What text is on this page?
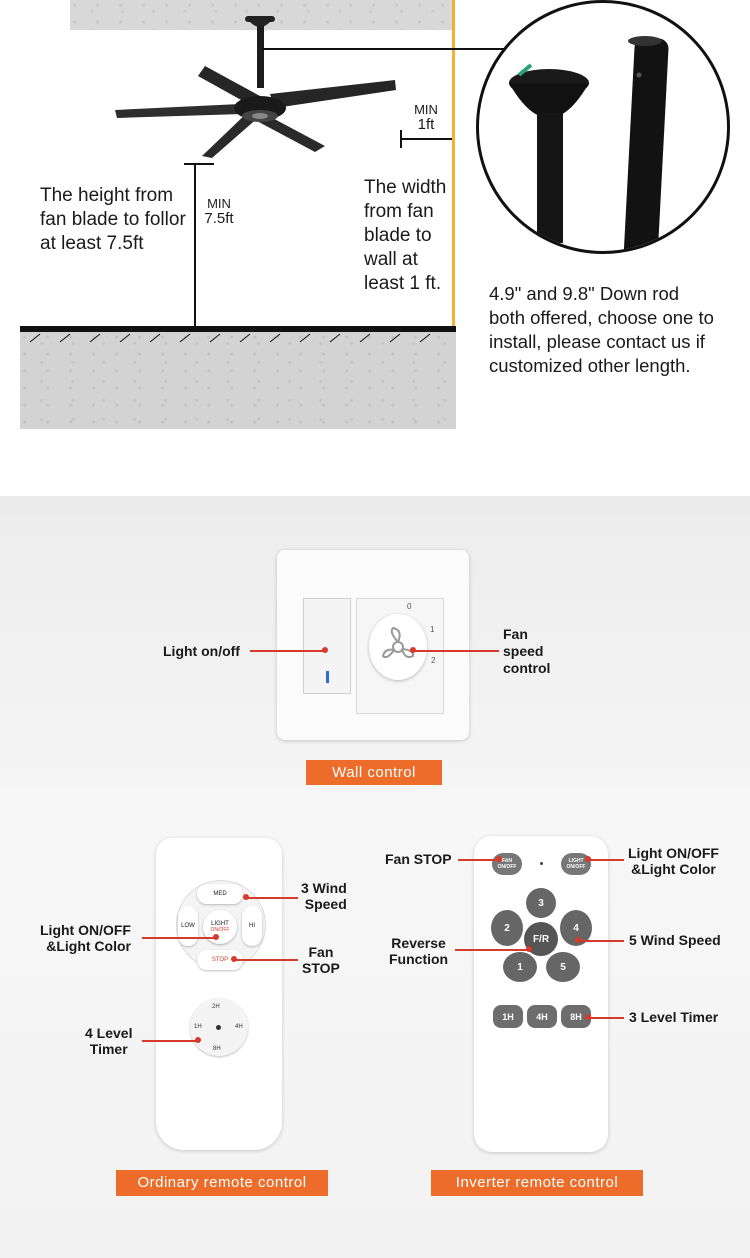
MIN
7.5ft
The height from
fan blade to follor
at least 7.5ft
MIN
1ft
The width
from fan
blade to
wall at
least 1 ft.	4.9" and 9.8" Down rod
both offered, choose one to
install, please contact us if
customized other length.
0
1
2
Light on/off
Fan
speed
control
Wall control
MED
LOW	HI
LIGHT
ON/OFF
STOP
2H
1H	4H
8H
3 Wind
Speed
Light ON/OFF
&Light Color	Fan
STOP
4 Level
Timer
Ordinary remote control
FAN
ON/OFF
LIGHT
ON/OFF
3
2	4
F/R
1	5
1H	4H	8H
Fan STOP	Light ON/OFF
&Light Color
Reverse
Function
5 Wind Speed
3 Level Timer
Inverter remote control
